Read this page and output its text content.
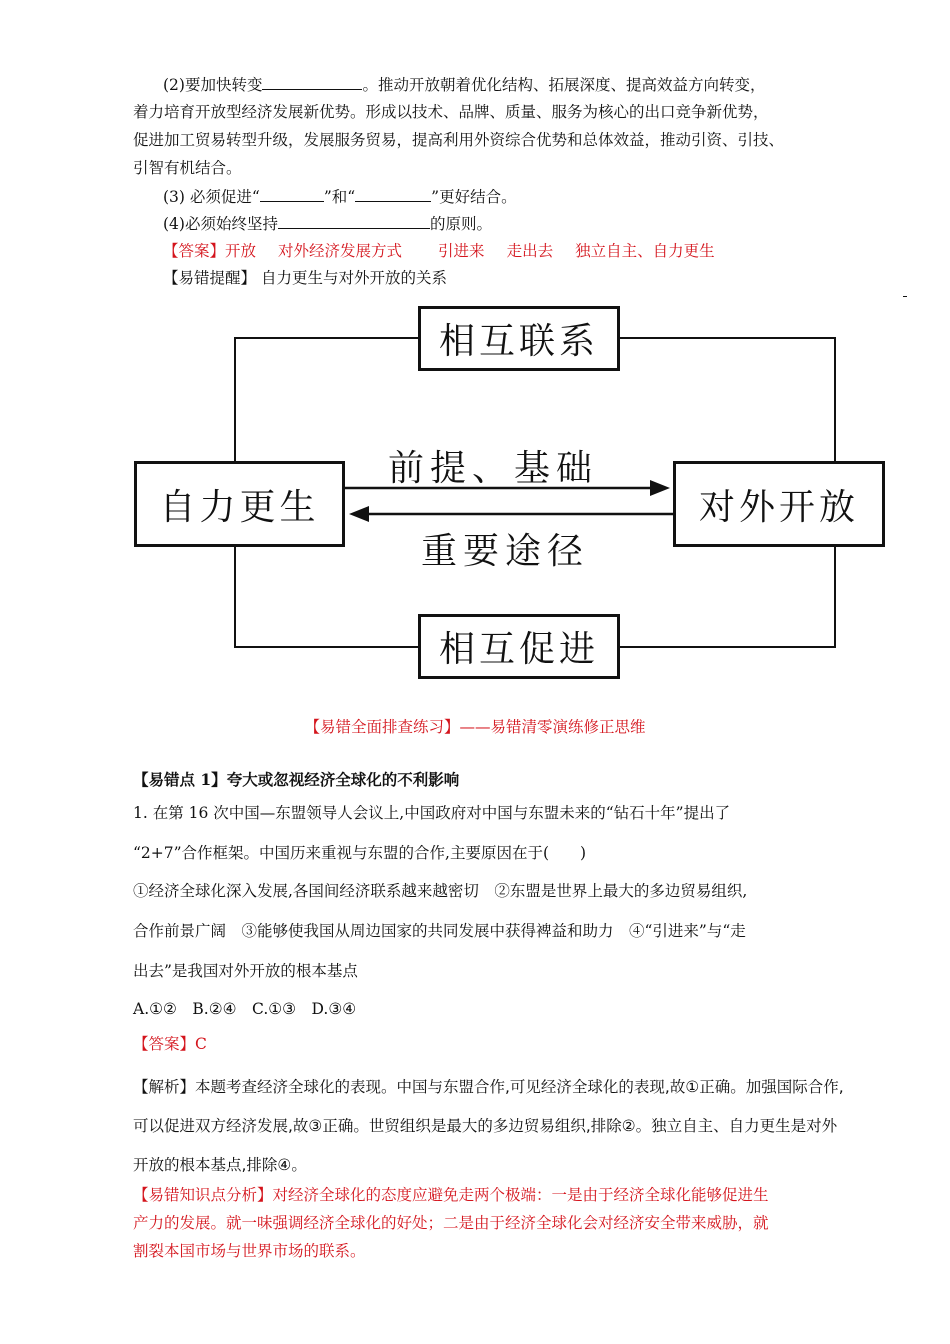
(2)要加快转变	。推动开放朝着优化结构、拓展深度、提高效益方向转变，
着力培育开放型经济发展新优势。形成以技术、品牌、质量、服务为核心的出口竞争新优势，
促进加工贸易转型升级，发展服务贸易，提高利用外资综合优势和总体效益，推动引资、引技、
引智有机结合。
(3) 必须促进“	”和“	”更好结合。
(4)必须始终坚持	的原则。
【答案】开放 对外经济发展方式 引进来 走出去 独立自主、自力更生
【易错提醒】 自力更生与对外开放的关系
相互联系
相互促进
自力更生	对外开放
前提、基础
重要途径
【易错全面排查练习】——易错清零演练修正思维
【易错点 1】夸大或忽视经济全球化的不利影响
1. 在第 16 次中国—东盟领导人会议上,中国政府对中国与东盟未来的“钻石十年”提出了
“2+7”合作框架。中国历来重视与东盟的合作,主要原因在于(　　)
①经济全球化深入发展,各国间经济联系越来越密切　②东盟是世界上最大的多边贸易组织,
合作前景广阔　③能够使我国从周边国家的共同发展中获得裨益和助力　④“引进来”与“走
出去”是我国对外开放的根本基点
A.①②　B.②④　C.①③　D.③④
【答案】C
【解析】本题考查经济全球化的表现。中国与东盟合作,可见经济全球化的表现,故①正确。加强国际合作,
可以促进双方经济发展,故③正确。世贸组织是最大的多边贸易组织,排除②。独立自主、自力更生是对外
开放的根本基点,排除④。
【易错知识点分析】对经济全球化的态度应避免走两个极端：一是由于经济全球化能够促进生
产力的发展。就一味强调经济全球化的好处；二是由于经济全球化会对经济安全带来威胁，就
割裂本国市场与世界市场的联系。
